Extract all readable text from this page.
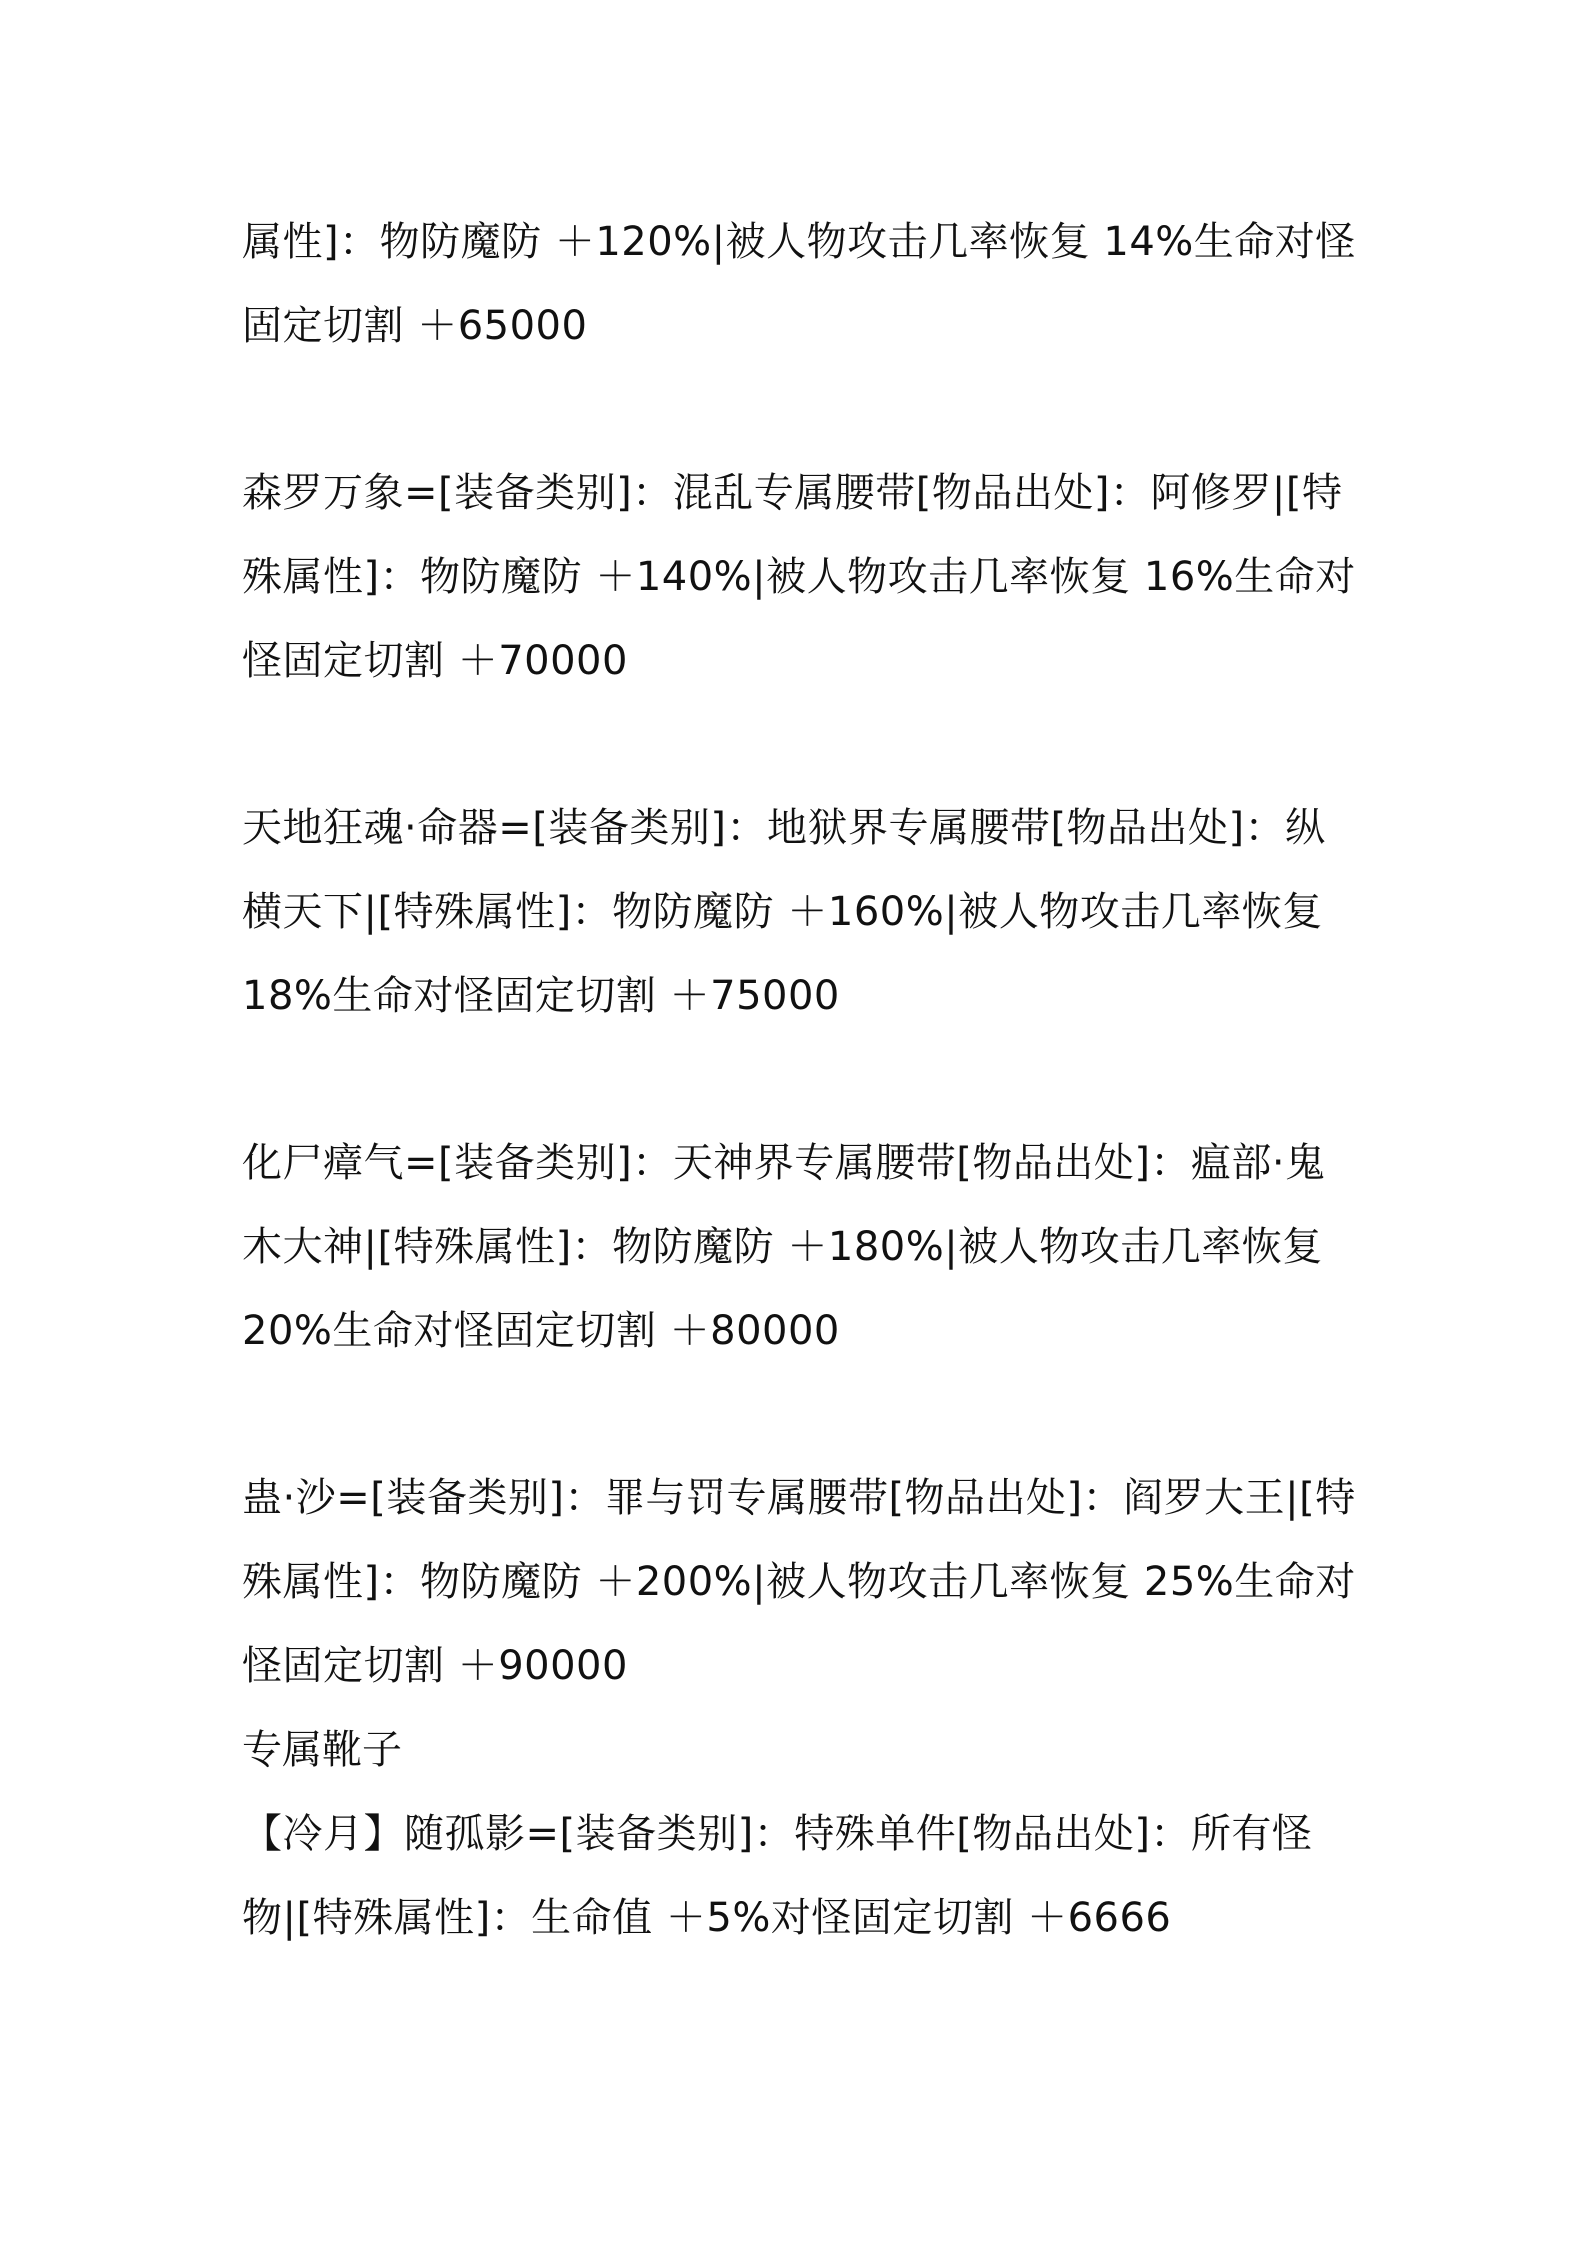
属性]：物防魔防 ＋120%|被人物攻击几率恢复 14%生命对怪固定切割 ＋65000

森罗万象=[装备类别]：混乱专属腰带[物品出处]：阿修罗|[特殊属性]：物防魔防 ＋140%|被人物攻击几率恢复 16%生命对怪固定切割 ＋70000

天地狂魂·命器=[装备类别]：地狱界专属腰带[物品出处]：纵横天下|[特殊属性]：物防魔防 ＋160%|被人物攻击几率恢复 18%生命对怪固定切割 ＋75000

化尸瘴气=[装备类别]：天神界专属腰带[物品出处]：瘟部·鬼木大神|[特殊属性]：物防魔防 ＋180%|被人物攻击几率恢复 20%生命对怪固定切割 ＋80000

蛊·沙=[装备类别]：罪与罚专属腰带[物品出处]：阎罗大王|[特殊属性]：物防魔防 ＋200%|被人物攻击几率恢复 25%生命对怪固定切割 ＋90000

专属靴子

【冷月】随孤影=[装备类别]：特殊单件[物品出处]：所有怪物|[特殊属性]：生命值 ＋5%对怪固定切割 ＋6666
